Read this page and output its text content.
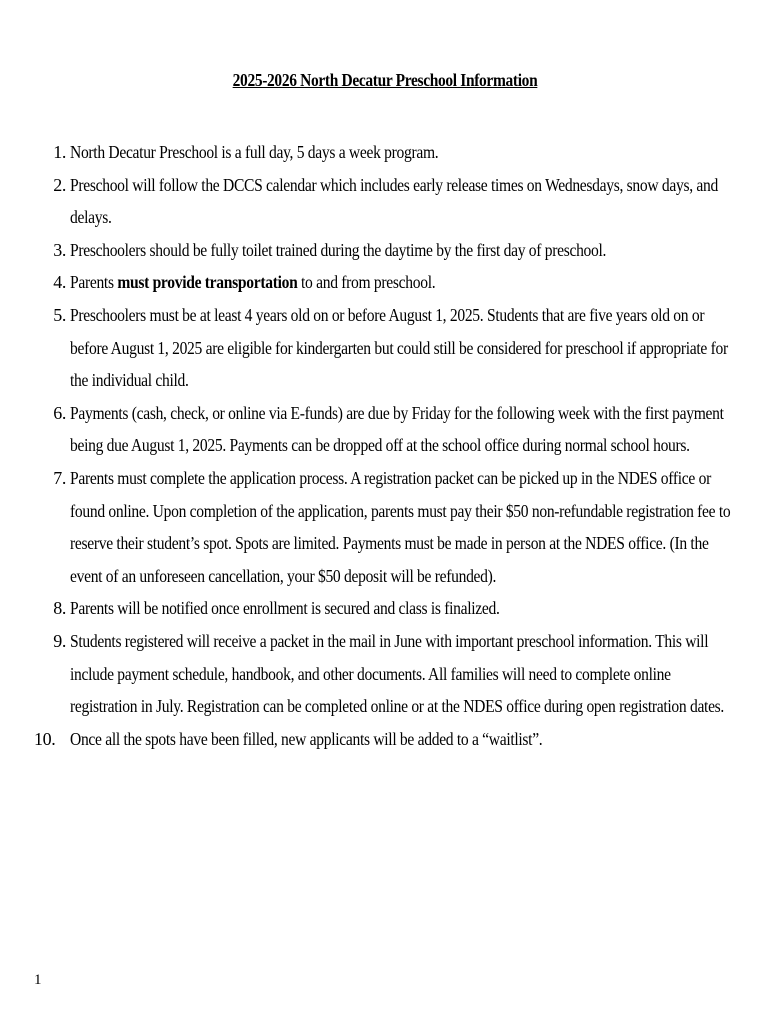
2025-2026 North Decatur Preschool Information
1. North Decatur Preschool is a full day, 5 days a week program.
2. Preschool will follow the DCCS calendar which includes early release times on Wednesdays, snow days, and delays.
3. Preschoolers should be fully toilet trained during the daytime by the first day of preschool.
4. Parents must provide transportation to and from preschool.
5. Preschoolers must be at least 4 years old on or before August 1, 2025. Students that are five years old on or before August 1, 2025 are eligible for kindergarten but could still be considered for preschool if appropriate for the individual child.
6. Payments (cash, check, or online via E-funds) are due by Friday for the following week with the first payment being due August 1, 2025. Payments can be dropped off at the school office during normal school hours.
7. Parents must complete the application process. A registration packet can be picked up in the NDES office or found online. Upon completion of the application, parents must pay their $50 non-refundable registration fee to reserve their student’s spot. Spots are limited. Payments must be made in person at the NDES office. (In the event of an unforeseen cancellation, your $50 deposit will be refunded).
8. Parents will be notified once enrollment is secured and class is finalized.
9. Students registered will receive a packet in the mail in June with important preschool information. This will include payment schedule, handbook, and other documents. All families will need to complete online registration in July. Registration can be completed online or at the NDES office during open registration dates.
10. Once all the spots have been filled, new applicants will be added to a “waitlist”.
1
